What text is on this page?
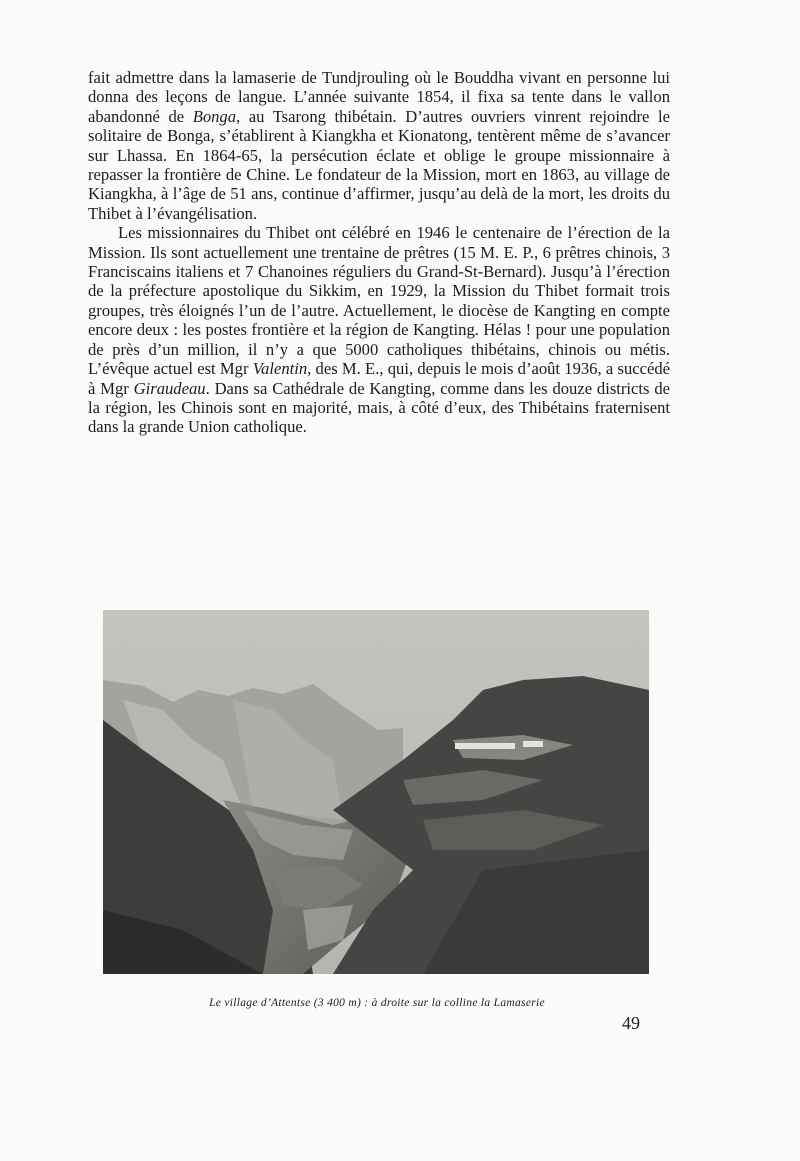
fait admettre dans la lamaserie de Tundjrouling où le Bouddha vivant en personne lui donna des leçons de langue. L’année suivante 1854, il fixa sa tente dans le vallon abandonné de Bonga, au Tsarong thibétain. D’autres ouvriers vinrent rejoindre le solitaire de Bonga, s’établirent à Kiangkha et Kionatong, tentèrent même de s’avancer sur Lhassa. En 1864-65, la persécution éclate et oblige le groupe missionnaire à repasser la frontière de Chine. Le fondateur de la Mission, mort en 1863, au village de Kiangkha, à l’âge de 51 ans, continue d’affirmer, jusqu’au delà de la mort, les droits du Thibet à l’évangélisation.

Les missionnaires du Thibet ont célébré en 1946 le centenaire de l’érection de la Mission. Ils sont actuellement une trentaine de prêtres (15 M. E. P., 6 prêtres chinois, 3 Franciscains italiens et 7 Chanoines réguliers du Grand-St-Bernard). Jusqu’à l’érection de la préfecture apostolique du Sikkim, en 1929, la Mission du Thibet formait trois groupes, très éloignés l’un de l’autre. Actuellement, le diocèse de Kangting en compte encore deux : les postes frontière et la région de Kangting. Hélas ! pour une population de près d’un million, il n’y a que 5000 catholiques thibétains, chinois ou métis. L’évêque actuel est Mgr Valentin, des M. E., qui, depuis le mois d’août 1936, a succédé à Mgr Giraudeau. Dans sa Cathédrale de Kangting, comme dans les douze districts de la région, les Chinois sont en majorité, mais, à côté d’eux, des Thibétains fraternisent dans la grande Union catholique.

Le village d’Attentse (3 400 m) : à droite sur la colline la Lamaserie
49
